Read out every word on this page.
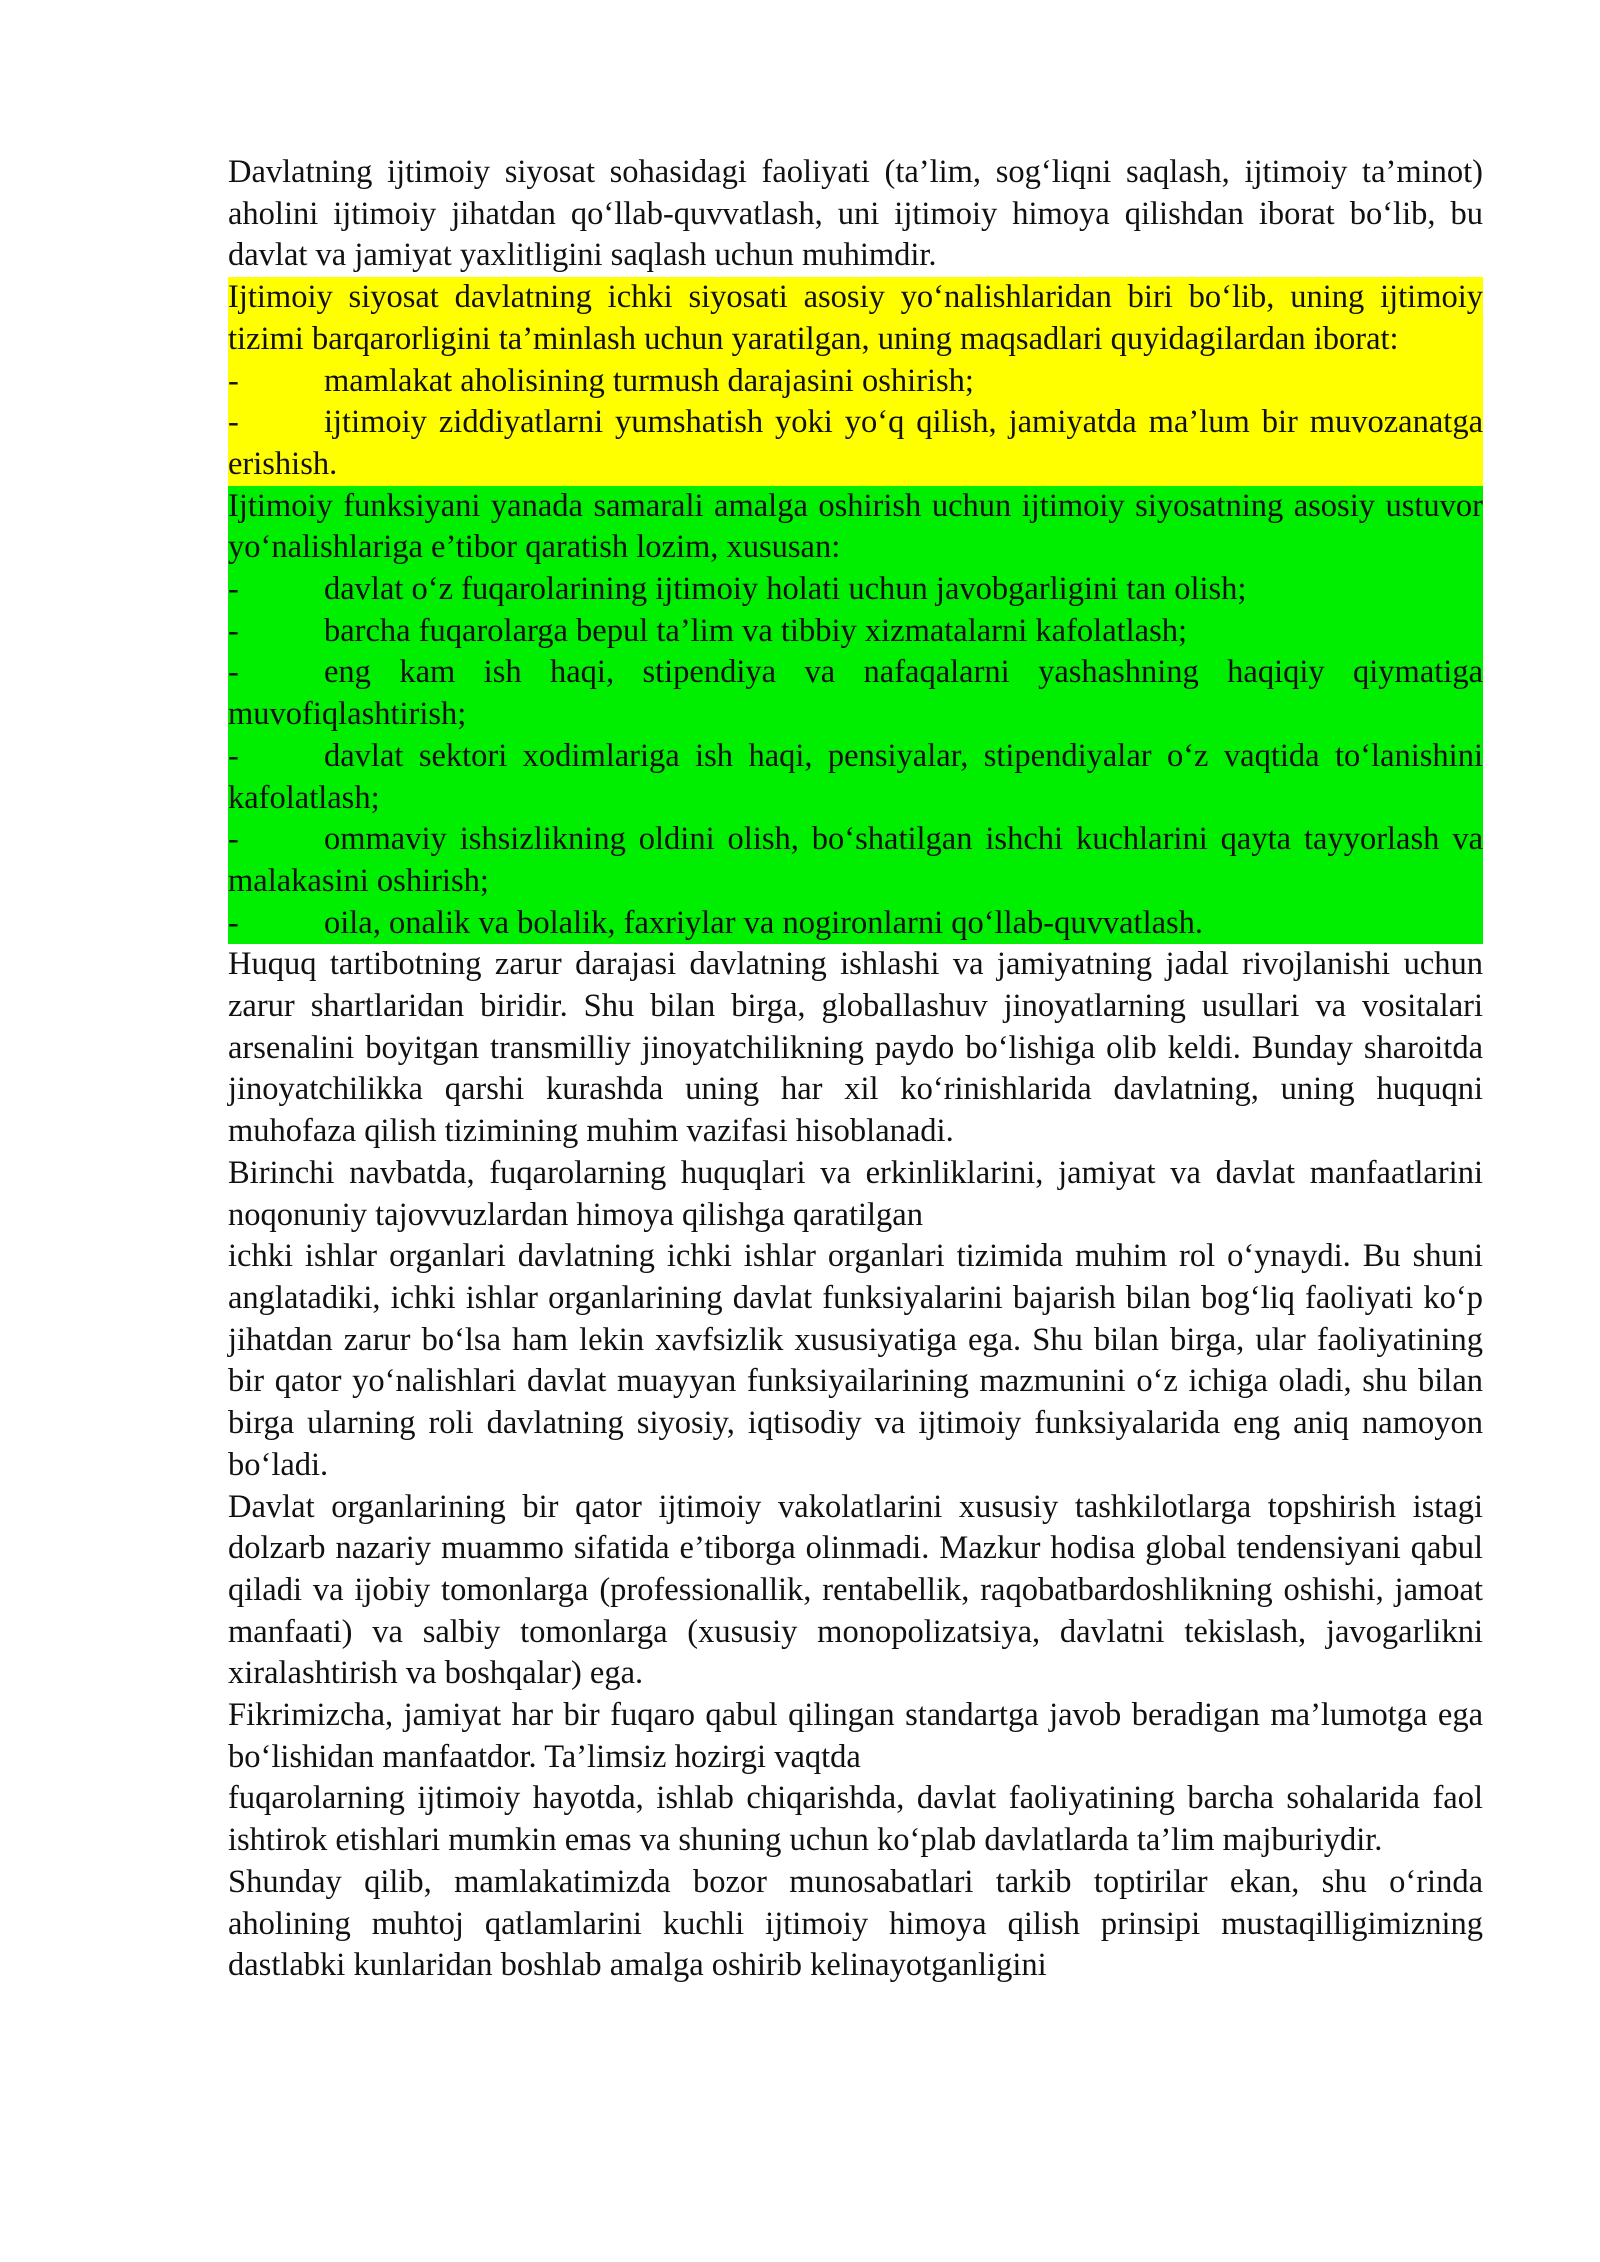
Davlatning ijtimoiy siyosat sohasidagi faoliyati (ta’lim, sog‘liqni saqlash, ijtimoiy ta’minot) aholini ijtimoiy jihatdan qo‘llab-quvvatlash, uni ijtimoiy himoya qilishdan iborat bo‘lib, bu davlat va jamiyat yaxlitligini saqlash uchun muhimdir.

Ijtimoiy siyosat davlatning ichki siyosati asosiy yo‘nalishlaridan biri bo‘lib, uning ijtimoiy tizimi barqarorligini ta’minlash uchun yaratilgan, uning maqsadlari quyidagilardan iborat:

-	mamlakat aholisining turmush darajasini oshirish;
-	ijtimoiy ziddiyatlarni yumshatish yoki yo‘q qilish, jamiyatda ma’lum bir muvozanatga erishish.

Ijtimoiy funksiyani yanada samarali amalga oshirish uchun ijtimoiy siyosatning asosiy ustuvor yo‘nalishlariga e’tibor qaratish lozim, xususan:

-	davlat o‘z fuqarolarining ijtimoiy holati uchun javobgarligini tan olish;
-	barcha fuqarolarga bepul ta’lim va tibbiy xizmatalarni kafolatlash;
-	eng kam ish haqi, stipendiya va nafaqalarni yashashning haqiqiy qiymatiga muvofiqlashtirish;
-	davlat sektori xodimlariga ish haqi, pensiyalar, stipendiyalar o‘z vaqtida to‘lanishini kafolatlash;
-	ommaviy ishsizlikning oldini olish, bo‘shatilgan ishchi kuchlarini qayta tayyorlash va malakasini oshirish;
-	oila, onalik va bolalik, faxriylar va nogironlarni qo‘llab-quvvatlash.

Huquq tartibotning zarur darajasi davlatning ishlashi va jamiyatning jadal rivojlanishi uchun zarur shartlaridan biridir. Shu bilan birga, globallashuv jinoyatlarning usullari va vositalari arsenalini boyitgan transmilliy jinoyatchilikning paydo bo‘lishiga olib keldi. Bunday sharoitda jinoyatchilikka qarshi kurashda uning har xil ko‘rinishlarida davlatning, uning huquqni muhofaza qilish tizimining muhim vazifasi hisoblanadi.

Birinchi navbatda, fuqarolarning huquqlari va erkinliklarini, jamiyat va davlat manfaatlarini noqonuniy tajovvuzlardan himoya qilishga qaratilgan

ichki ishlar organlari davlatning ichki ishlar organlari tizimida muhim rol o‘ynaydi. Bu shuni anglatadiki, ichki ishlar organlarining davlat funksiyalarini bajarish bilan bog‘liq faoliyati ko‘p jihatdan zarur bo‘lsa ham lekin xavfsizlik xususiyatiga ega. Shu bilan birga, ular faoliyatining bir qator yo‘nalishlari davlat muayyan funksiyailarining mazmunini o‘z ichiga oladi, shu bilan birga ularning roli davlatning siyosiy, iqtisodiy va ijtimoiy funksiyalarida eng aniq namoyon bo‘ladi.

Davlat organlarining bir qator ijtimoiy vakolatlarini xususiy tashkilotlarga topshirish istagi dolzarb nazariy muammo sifatida e’tiborga olinmadi. Mazkur hodisa global tendensiyani qabul qiladi va ijobiy tomonlarga (professionallik, rentabellik, raqobatbardoshlikning oshishi, jamoat manfaati) va salbiy tomonlarga (xususiy monopolizatsiya, davlatni tekislash, javogarlikni xiralashtirish va boshqalar) ega.

Fikrimizcha, jamiyat har bir fuqaro qabul qilingan standartga javob beradigan ma’lumotga ega bo‘lishidan manfaatdor. Ta’limsiz hozirgi vaqtda

fuqarolarning ijtimoiy hayotda, ishlab chiqarishda, davlat faoliyatining barcha sohalarida faol ishtirok etishlari mumkin emas va shuning uchun ko‘plab davlatlarda ta’lim majburiydir.

Shunday qilib, mamlakatimizda bozor munosabatlari tarkib toptirilar ekan, shu o‘rinda aholining muhtoj qatlamlarini kuchli ijtimoiy himoya qilish prinsipi mustaqilligimizning dastlabki kunlaridan boshlab amalga oshirib kelinayotganligini
